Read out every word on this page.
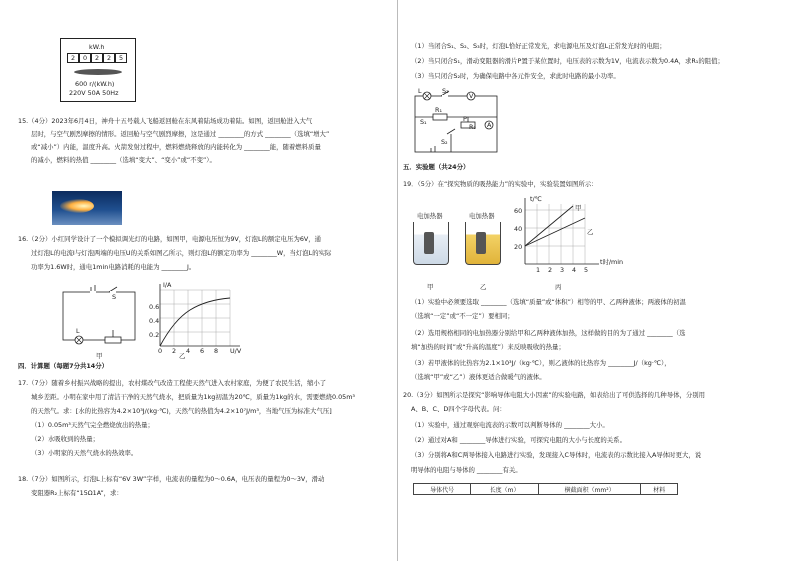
kW.h
2	0	2	2	5
600 r/(kW.h)
220V 50A 50Hz
15.（4分）2023年6月4日，神舟十五号载人飞船返回舱在东风着陆场成功着陆。如图，返回舱进入大气
层时，与空气剧烈摩擦的情形。返回舱与空气剧烈摩擦，这是通过 ________的方式 ________（选填“增大”
或“减小”）内能，温度升高。火箭发射过程中，燃料燃烧释放的内能转化为 ________能，随着燃料质量
的减小，燃料的热值 ________（选填“变大”、“变小”或“不变”）。
16.（2分）小红同学设计了一个模拟调光灯的电路，如图甲，电源电压恒为9V，灯泡L的额定电压为6V，通
过灯泡L的电流I与灯泡两端的电压U的关系如图乙所示，则灯泡L的额定功率为 ________W，当灯泡L的实际
功率为1.6W时，通电1min电路消耗的电能为 ________J。
S
L
甲
I/A
0.6
0.4
0.2
0 2 4 6 8 U/V
乙
四．计算题（每题7分共14分）
17.（7分）随着乡村振兴战略的提出，农村煤改气改造工程使天然气进入农村家庭，为便了农民生活，缩小了
城乡差距。小明在家中用了清洁干净的天然气烧水，把质量为1kg初温为20℃，质量为1kg的水，需要燃烧0.05m³
的天然气。求：[水的比热容为4.2×10³J/(kg·℃)，天然气的热值为4.2×10⁷J/m³，当地气压为标准大气压]
（1）0.05m³天然气完全燃烧放出的热量；
（2）水吸收到的热量；
（3）小明家的天然气烧水的热效率。
18.（7分）如图所示，灯泡L上标有“6V 3W”字样，电流表的量程为0～0.6A，电压表的量程为0～3V，滑动
变阻器R₂上标有“15Ω1A”，求：
（1）当闭合S₁、S₂、S₃时，灯泡L恰好正常发光，求电源电压及灯泡L正常发光时的电阻；
（2）当只闭合S₁，滑动变阻器的滑片P置于某位置时，电压表的示数为1V，电流表示数为0.4A，求R₁的阻值；
（3）当只闭合S₂时，为确保电路中各元件安全，求此时电路的最小功率。
L	S₃
V
R₁
S₁	P
R₂ A
S₂
五．实验题（共24分）
19．（5分）在“探究物质的吸热能力”的实验中，实验装置如图所示：
电加热器
甲
电加热器
乙
t/℃
60
40
20
甲
乙
1 2 3 4 5
t时/min
丙
（1）实验中必须要选取 ________（选填“质量”或“体积”）相等的甲、乙两种液体；两液体的初温
（选填“一定”或“不一定”）要相同；
（2）选用规格相同的电加热器分别给甲和乙两种液体加热，这样做的目的为了通过 ________（选
填“加热的时间”或“升高的温度”）来反映吸收的热量；
（3）若甲液体的比热容为2.1×10³J/（kg·℃），则乙液体的比热容为 ________J/（kg·℃），
（选填“甲”或“乙”）液体更适合做暖气的液体。
20.（3分）如图所示是探究“影响导体电阻大小因素”的实验电路，如表给出了可供选择的几种导体，分别用
A、B、C、D四个字母代表。问：
（1）实验中，通过观察电流表的示数可以判断导体的 ________大小。
（2）通过对A和 ________导体进行实验，可探究电阻的大小与长度的关系。
（3）分别将A和C两导体接入电路进行实验，发现接入C导体时，电流表的示数比接入A导体时更大，说
明导体的电阻与导体的 ________有关。
导体代号	长度（m）	横截面积（mm²）	材料
